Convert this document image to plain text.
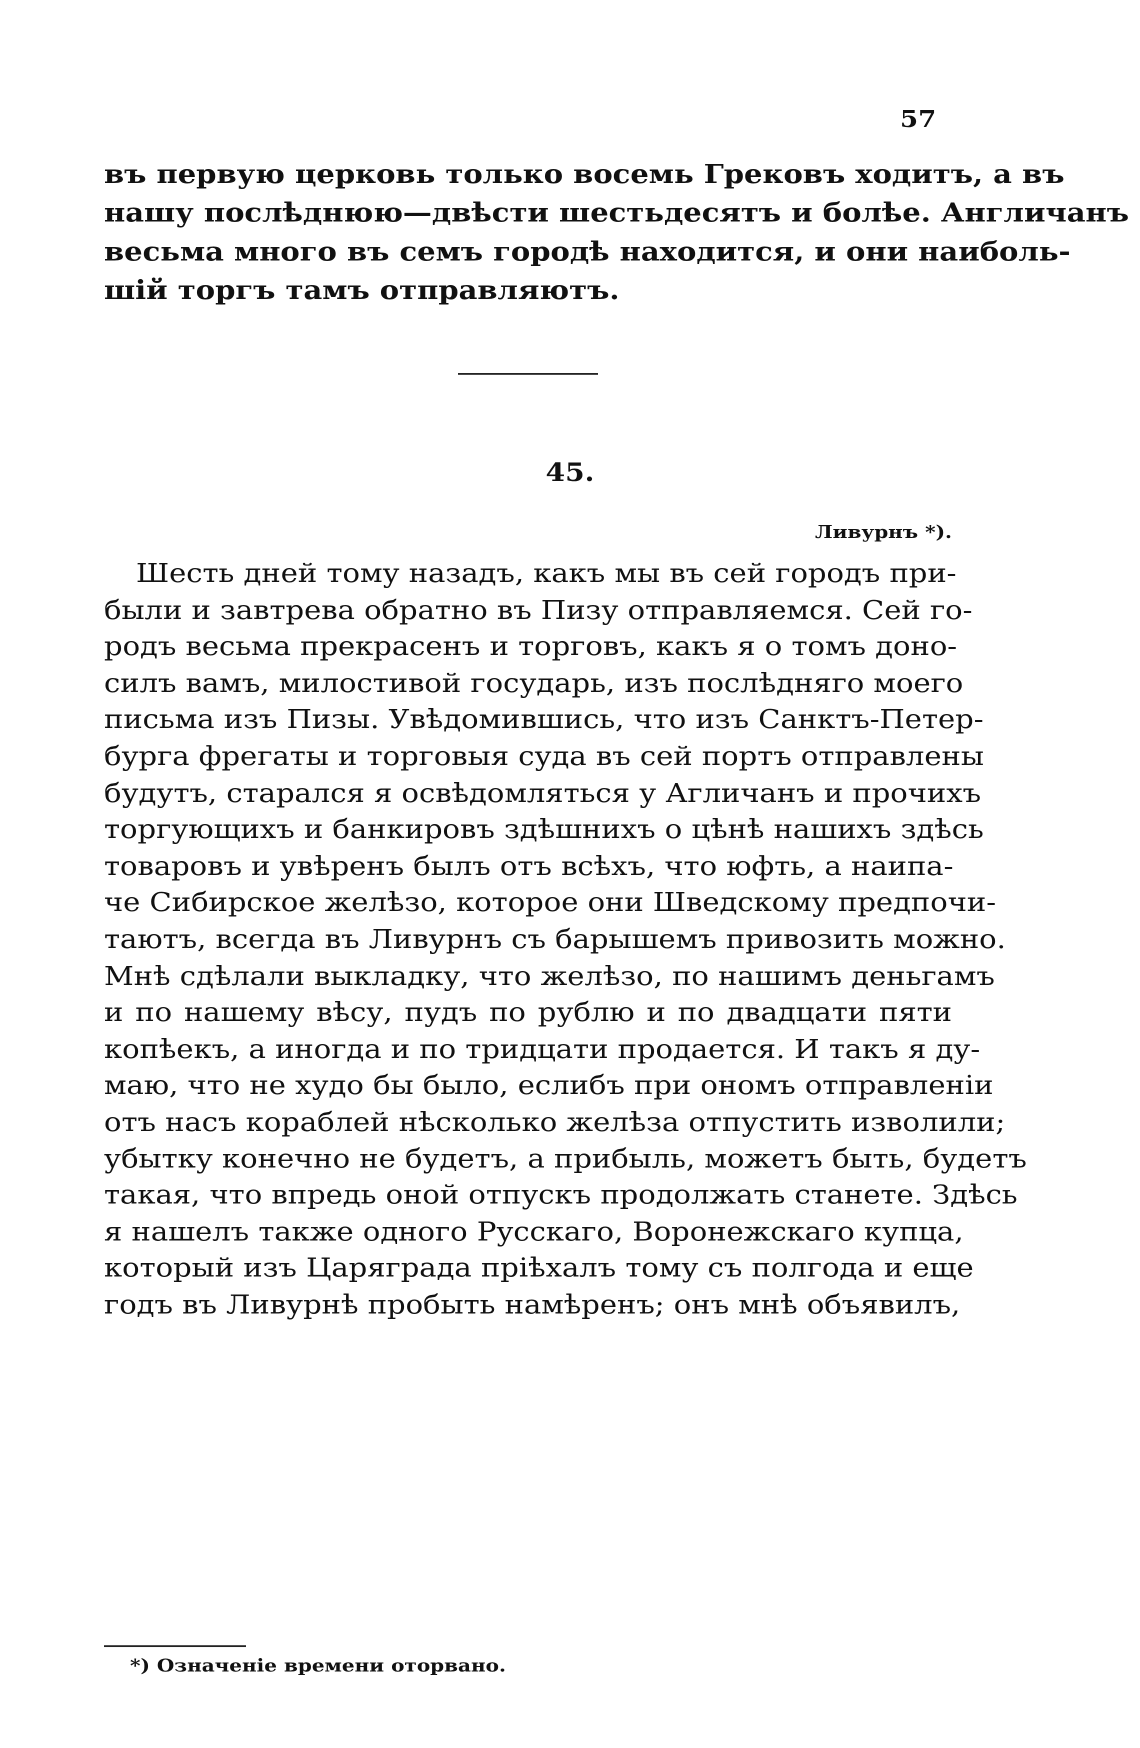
57
въ первую церковь только восемь Грековъ ходитъ, а въ
нашу послѣднюю—двѣсти шестьдесятъ и болѣе. Англичанъ
весьма много въ семъ городѣ находится, и они наиболь-
шій торгъ тамъ отправляютъ.
45.
Ливурнъ *).
Шесть дней тому назадъ, какъ мы въ сей городъ при-
были и завтрева обратно въ Пизу отправляемся. Сей го-
родъ весьма прекрасенъ и торговъ, какъ я о томъ доно-
силъ вамъ, милостивой государь, изъ послѣдняго моего
письма изъ Пизы. Увѣдомившись, что изъ Санктъ-Петер-
бурга фрегаты и торговыя суда въ сей портъ отправлены
будутъ, старался я освѣдомляться у Агличанъ и прочихъ
торгующихъ и банкировъ здѣшнихъ о цѣнѣ нашихъ здѣсь
товаровъ и увѣренъ былъ отъ всѣхъ, что юфть, а наипа-
че Сибирское желѣзо, которое они Шведскому предпочи-
таютъ, всегда въ Ливурнъ съ барышемъ привозить можно.
Мнѣ сдѣлали выкладку, что желѣзо, по нашимъ деньгамъ
и по нашему вѣсу, пудъ по рублю и по двадцати пяти
копѣекъ, а иногда и по тридцати продается. И такъ я ду-
маю, что не худо бы было, еслибъ при ономъ отправленіи
отъ насъ кораблей нѣсколько желѣза отпустить изволили;
убытку конечно не будетъ, а прибыль, можетъ быть, будетъ
такая, что впредь оной отпускъ продолжать станете. Здѣсь
я нашелъ также одного Русскаго, Воронежскаго купца,
который изъ Царяграда пріѣхалъ тому съ полгода и еще
годъ въ Ливурнѣ пробыть намѣренъ; онъ мнѣ объявилъ,
*) Означеніе времени оторвано.
